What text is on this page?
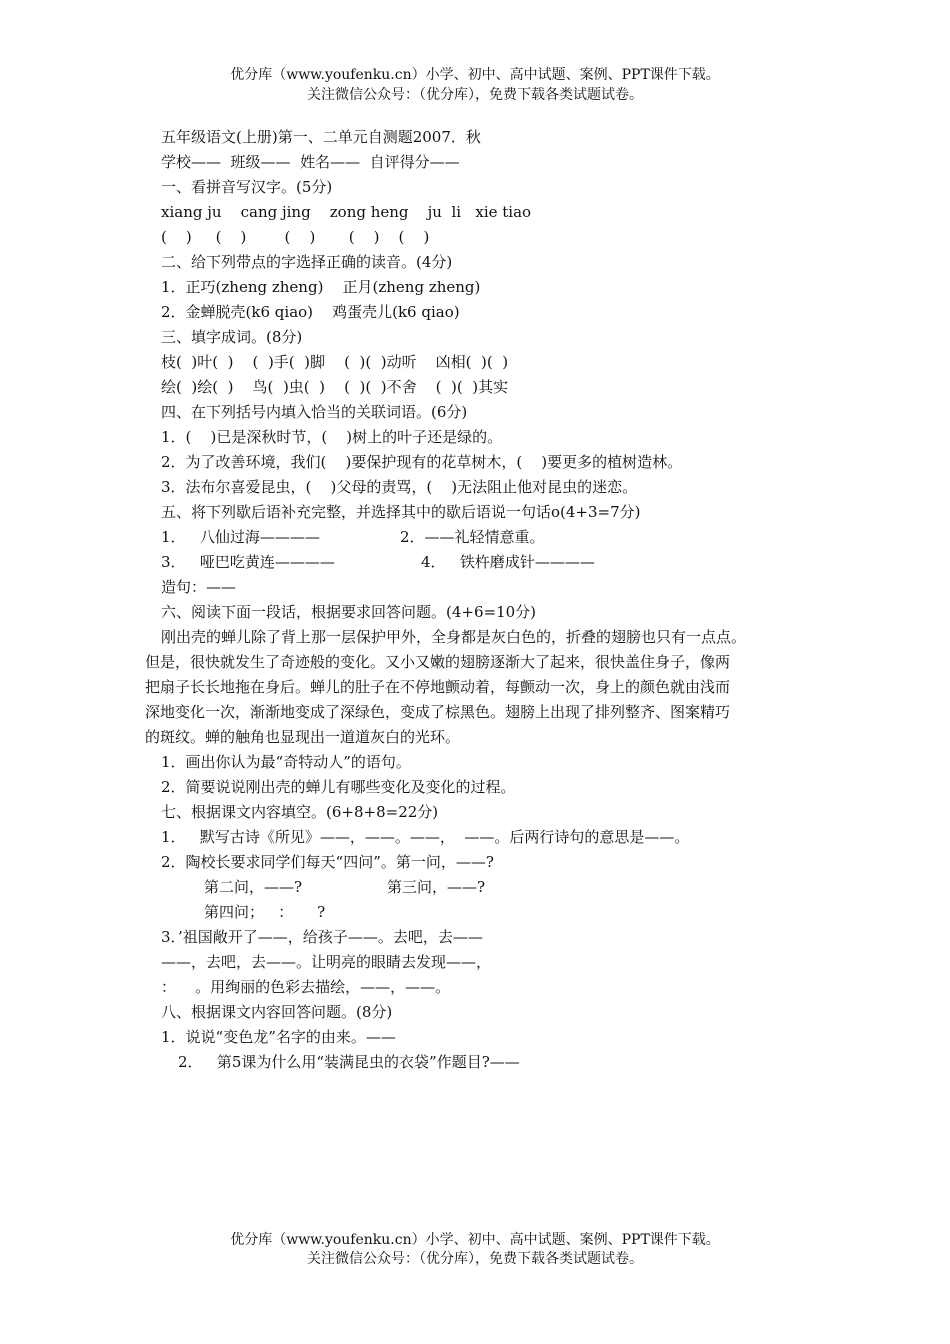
优分库（www.youfenku.cn）小学、初中、高中试题、案例、PPT课件下载。
关注微信公众号：（优分库），免费下载各类试题试卷。
五年级语文(上册)第一、二单元自测题2007．秋
学校——  班级——  姓名——  自评得分——
一、看拼音写汉字。(5分)
xiang ju    cang jing    zong heng    ju  li   xie tiao
(    )     (    )        (    )       (    )    (    )
二、给下列带点的字选择正确的读音。(4分)
1．正巧(zheng zheng)    正月(zheng zheng)
2．金蝉脱壳(k6 qiao)    鸡蛋壳儿(k6 qiao)
三、填字成词。(8分)
枝(  )叶(  )    (  )手(  )脚    (  )(  )动听    凶相(  )(  )
绘(  )绘(  )    鸟(  )虫(  )    (  )(  )不舍    (  )(  )其实
四、在下列括号内填入恰当的关联词语。(6分)
1．(    )已是深秋时节，(    )树上的叶子还是绿的。
2．为了改善环境，我们(    )要保护现有的花草树木，(    )要更多的植树造林。
3．法布尔喜爱昆虫，(    )父母的责骂，(    )无法阻止他对昆虫的迷恋。
五、将下列歇后语补充完整，并选择其中的歇后语说一句话o(4+3=7分)
1．   八仙过海————	2．——礼轻情意重。
3．   哑巴吃黄连————	4．   铁杵磨成针————
造句：——
六、阅读下面一段话，根据要求回答问题。(4+6=10分)
刚出壳的蝉儿除了背上那一层保护甲外，全身都是灰白色的，折叠的翅膀也只有一点点。
但是，很快就发生了奇迹般的变化。又小又嫩的翅膀逐渐大了起来，很快盖住身子，像两
把扇子长长地拖在身后。蝉儿的肚子在不停地颤动着，每颤动一次，身上的颜色就由浅而
深地变化一次，渐渐地变成了深绿色，变成了棕黑色。翅膀上出现了排列整齐、图案精巧
的斑纹。蝉的触角也显现出一道道灰白的光环。
1．画出你认为最“奇特动人”的语句。
2．简要说说刚出壳的蝉儿有哪些变化及变化的过程。
七、根据课文内容填空。(6+8+8=22分)
1．   默写古诗《所见》——，——。——，  ——。后两行诗句的意思是——。
2．陶校长要求同学们每天“四问”。第一问，——?
第二问，——?	第三问，——?
第四问；   ：     ?
3．’祖国敞开了——，给孩子——。去吧，去——
——，去吧，去——。让明亮的眼睛去发现——，
：    。用绚丽的色彩去描绘，——，——。
八、根据课文内容回答问题。(8分)
1．说说“变色龙”名字的由来。——
2．   第5课为什么用“装满昆虫的衣袋”作题目?——
优分库（www.youfenku.cn）小学、初中、高中试题、案例、PPT课件下载。
关注微信公众号：（优分库），免费下载各类试题试卷。
